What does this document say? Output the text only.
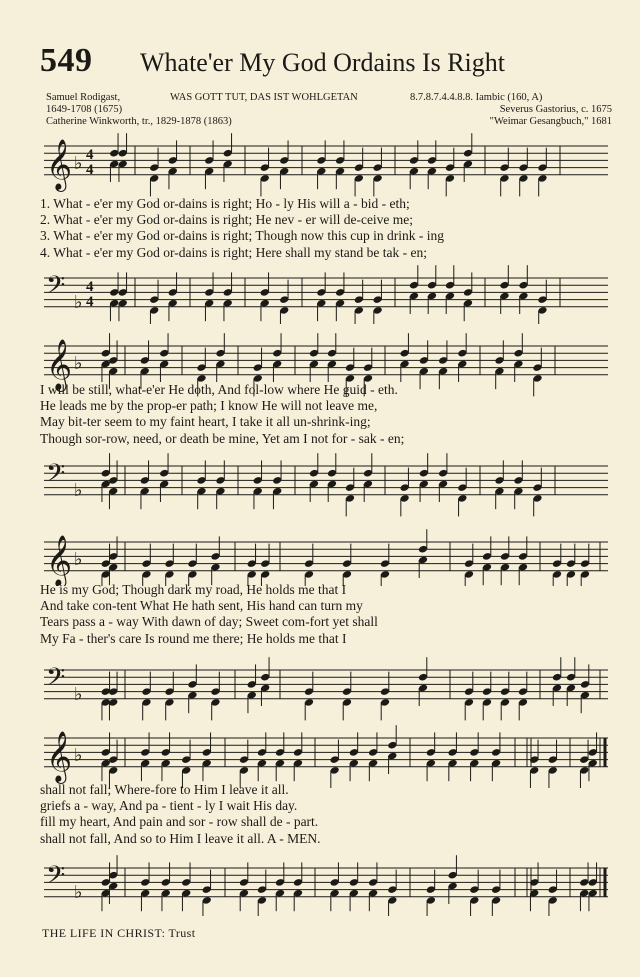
549 Whate'er My God Ordains Is Right
Samuel Rodigast,
1649-1708 (1675)
Catherine Winkworth, tr., 1829-1878 (1863)
WAS GOTT TUT, DAS IST WOHLGETAN	8.7.8.7.4.4.8.8. Iambic (160, A)
Severus Gastorius, c. 1675
"Weimar Gesangbuch," 1681
𝄞 ♭ 4
4
1. What - e'er my God or-dains is right; Ho - ly His will a - bid - eth;
2. What - e'er my God or-dains is right; He nev - er will de-ceive me;
3. What - e'er my God or-dains is right; Though now this cup in drink - ing
4. What - e'er my God or-dains is right; Here shall my stand be tak - en;
𝄢 ♭
4
4
𝄞 ♭
I will be still, what-e'er He doth, And fol-low where He guid - eth.
He leads me by the prop-er path; I know He will not leave me,
May bit-ter seem to my faint heart, I take it all un-shrink-ing;
Though sor-row, need, or death be mine, Yet am I not for - sak - en;
𝄢 ♭
𝄞 ♭
He is my God; Though dark my road, He holds me that I
And take con-tent What He hath sent, His hand can turn my
Tears pass a - way With dawn of day; Sweet com-fort yet shall
My Fa - ther's care Is round me there; He holds me that I
𝄢 ♭
𝄞 ♭
shall not fall; Where-fore to Him I leave it all.
griefs a - way, And pa - tient - ly I wait His day.
fill my heart, And pain and sor - row shall de - part.
shall not fall, And so to Him I leave it all. A - MEN.
𝄢 ♭
THE LIFE IN CHRIST: Trust
